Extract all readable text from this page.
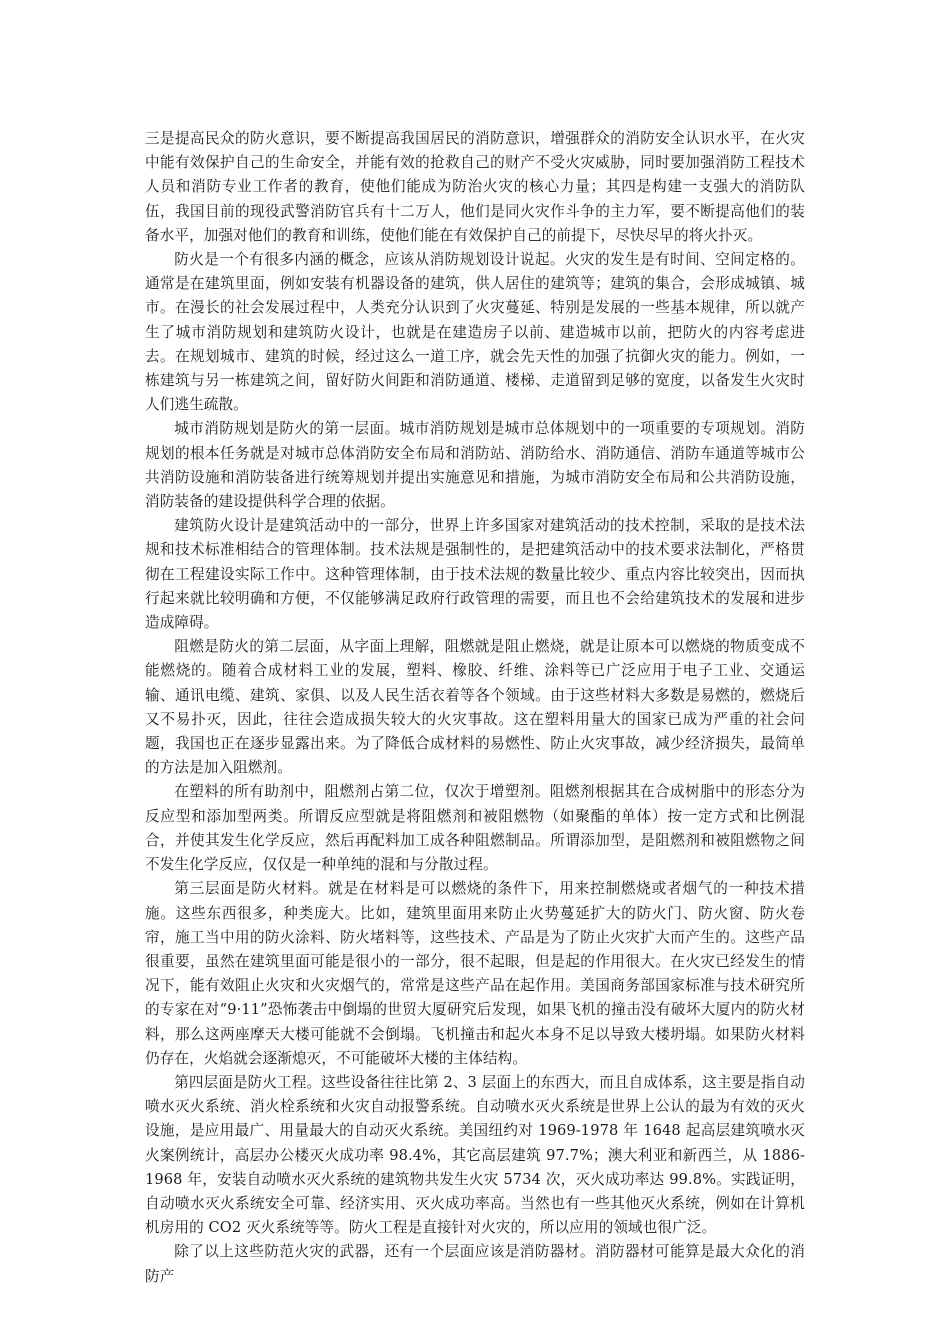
三是提高民众的防火意识，要不断提高我国居民的消防意识，增强群众的消防安全认识水平，在火灾中能有效保护自己的生命安全，并能有效的抢救自己的财产不受火灾威胁，同时要加强消防工程技术人员和消防专业工作者的教育，使他们能成为防治火灾的核心力量；其四是构建一支强大的消防队伍，我国目前的现役武警消防官兵有十二万人，他们是同火灾作斗争的主力军，要不断提高他们的装备水平，加强对他们的教育和训练，使他们能在有效保护自己的前提下，尽快尽早的将火扑灭。

防火是一个有很多内涵的概念，应该从消防规划设计说起。火灾的发生是有时间、空间定格的。通常是在建筑里面，例如安装有机器设备的建筑，供人居住的建筑等；建筑的集合，会形成城镇、城市。在漫长的社会发展过程中，人类充分认识到了火灾蔓延、特别是发展的一些基本规律，所以就产生了城市消防规划和建筑防火设计，也就是在建造房子以前、建造城市以前，把防火的内容考虑进去。在规划城市、建筑的时候，经过这么一道工序，就会先天性的加强了抗御火灾的能力。例如，一栋建筑与另一栋建筑之间，留好防火间距和消防通道、楼梯、走道留到足够的宽度，以备发生火灾时人们逃生疏散。

城市消防规划是防火的第一层面。城市消防规划是城市总体规划中的一项重要的专项规划。消防规划的根本任务就是对城市总体消防安全布局和消防站、消防给水、消防通信、消防车通道等城市公共消防设施和消防装备进行统筹规划并提出实施意见和措施，为城市消防安全布局和公共消防设施，消防装备的建设提供科学合理的依据。

建筑防火设计是建筑活动中的一部分，世界上许多国家对建筑活动的技术控制，采取的是技术法规和技术标准相结合的管理体制。技术法规是强制性的，是把建筑活动中的技术要求法制化，严格贯彻在工程建设实际工作中。这种管理体制，由于技术法规的数量比较少、重点内容比较突出，因而执行起来就比较明确和方便，不仅能够满足政府行政管理的需要，而且也不会给建筑技术的发展和进步造成障碍。

阻燃是防火的第二层面，从字面上理解，阻燃就是阻止燃烧，就是让原本可以燃烧的物质变成不能燃烧的。随着合成材料工业的发展，塑料、橡胶、纤维、涂料等已广泛应用于电子工业、交通运输、通讯电缆、建筑、家俱、以及人民生活衣着等各个领域。由于这些材料大多数是易燃的，燃烧后又不易扑灭，因此，往往会造成损失较大的火灾事故。这在塑料用量大的国家已成为严重的社会问题，我国也正在逐步显露出来。为了降低合成材料的易燃性、防止火灾事故，减少经济损失，最简单的方法是加入阻燃剂。

在塑料的所有助剂中，阻燃剂占第二位，仅次于增塑剂。阻燃剂根据其在合成树脂中的形态分为反应型和添加型两类。所谓反应型就是将阻燃剂和被阻燃物（如聚酯的单体）按一定方式和比例混合，并使其发生化学反应，然后再配料加工成各种阻燃制品。所谓添加型，是阻燃剂和被阻燃物之间不发生化学反应，仅仅是一种单纯的混和与分散过程。

第三层面是防火材料。就是在材料是可以燃烧的条件下，用来控制燃烧或者烟气的一种技术措施。这些东西很多，种类庞大。比如，建筑里面用来防止火势蔓延扩大的防火门、防火窗、防火卷帘，施工当中用的防火涂料、防火堵料等，这些技术、产品是为了防止火灾扩大而产生的。这些产品很重要，虽然在建筑里面可能是很小的一部分，很不起眼，但是起的作用很大。在火灾已经发生的情况下，能有效阻止火灾和火灾烟气的，常常是这些产品在起作用。美国商务部国家标准与技术研究所的专家在对“9·11”恐怖袭击中倒塌的世贸大厦研究后发现，如果飞机的撞击没有破坏大厦内的防火材料，那么这两座摩天大楼可能就不会倒塌。飞机撞击和起火本身不足以导致大楼坍塌。如果防火材料仍存在，火焰就会逐渐熄灭，不可能破坏大楼的主体结构。

第四层面是防火工程。这些设备往往比第 2、3 层面上的东西大，而且自成体系，这主要是指自动喷水灭火系统、消火栓系统和火灾自动报警系统。自动喷水灭火系统是世界上公认的最为有效的灭火设施，是应用最广、用量最大的自动灭火系统。美国纽约对 1969-1978 年 1648 起高层建筑喷水灭火案例统计，高层办公楼灭火成功率 98.4%，其它高层建筑 97.7%；澳大利亚和新西兰，从 1886-1968 年，安装自动喷水灭火系统的建筑物共发生火灾 5734 次，灭火成功率达 99.8%。实践证明，自动喷水灭火系统安全可靠、经济实用、灭火成功率高。当然也有一些其他灭火系统，例如在计算机机房用的 CO2 灭火系统等等。防火工程是直接针对火灾的，所以应用的领域也很广泛。

除了以上这些防范火灾的武器，还有一个层面应该是消防器材。消防器材可能算是最大众化的消防产
